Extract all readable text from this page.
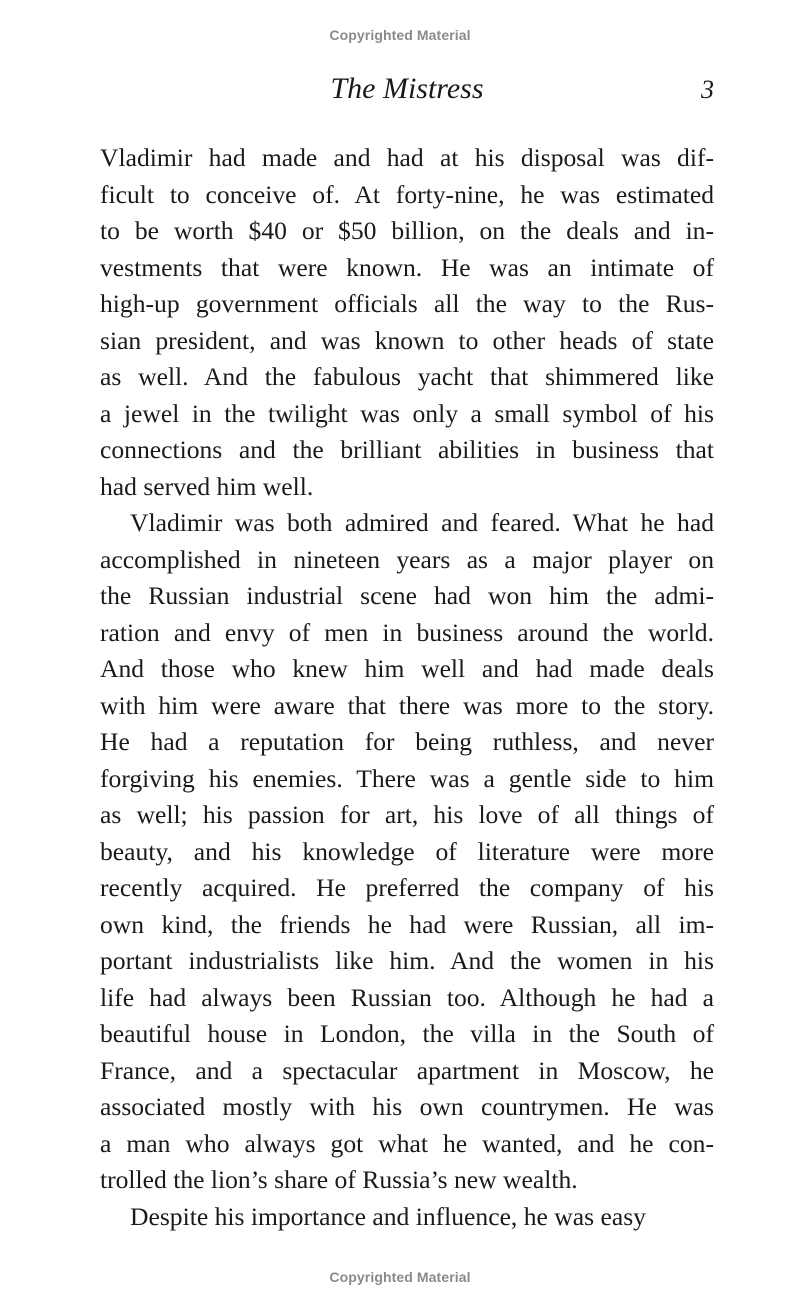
Copyrighted Material
The Mistress	3

Vladimir had made and had at his disposal was dif-

ficult to conceive of. At forty-nine, he was estimated

to be worth $40 or $50 billion, on the deals and in-

vestments that were known. He was an intimate of

high-up government officials all the way to the Rus-

sian president, and was known to other heads of state

as well. And the fabulous yacht that shimmered like

a jewel in the twilight was only a small symbol of his

connections and the brilliant abilities in business that

had served him well.

Vladimir was both admired and feared. What he had

accomplished in nineteen years as a major player on

the Russian industrial scene had won him the admi-

ration and envy of men in business around the world.

And those who knew him well and had made deals

with him were aware that there was more to the story.

He had a reputation for being ruthless, and never

forgiving his enemies. There was a gentle side to him

as well; his passion for art, his love of all things of

beauty, and his knowledge of literature were more

recently acquired. He preferred the company of his

own kind, the friends he had were Russian, all im-

portant industrialists like him. And the women in his

life had always been Russian too. Although he had a

beautiful house in London, the villa in the South of

France, and a spectacular apartment in Moscow, he

associated mostly with his own countrymen. He was

a man who always got what he wanted, and he con-

trolled the lion’s share of Russia’s new wealth.

Despite his importance and influence, he was easy

Copyrighted Material
